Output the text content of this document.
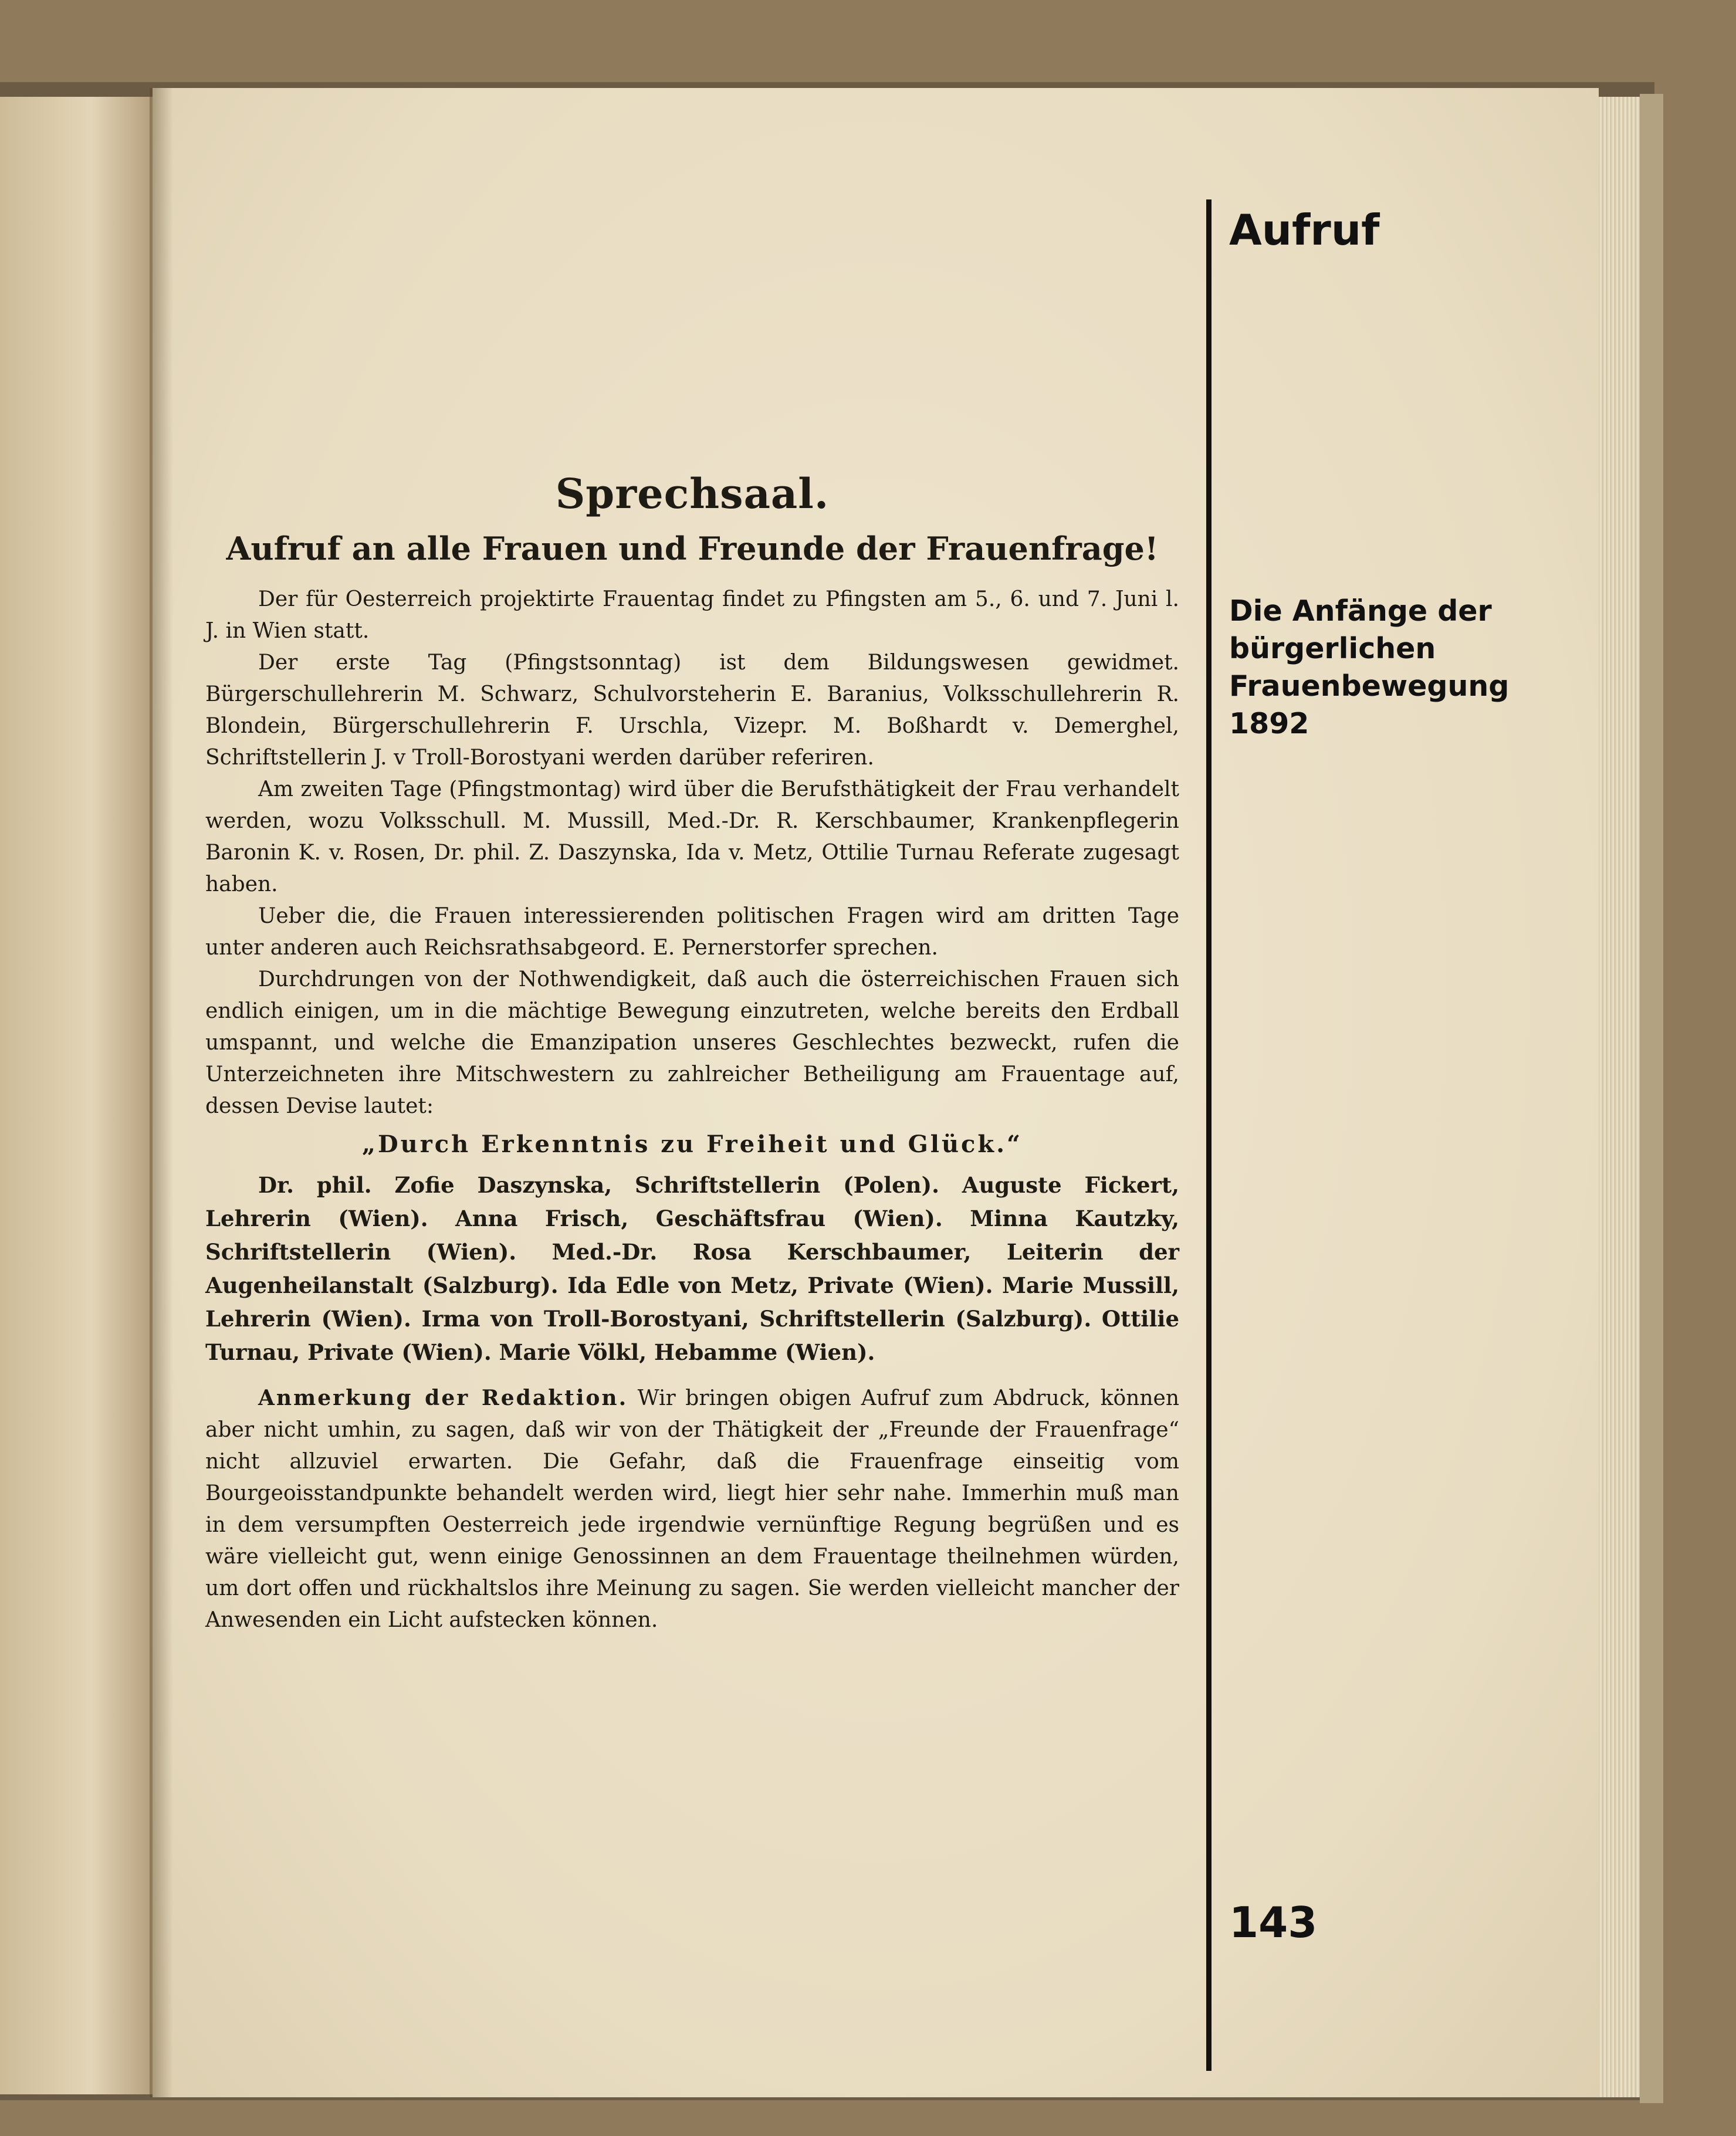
Sprechsaal.
Aufruf an alle Frauen und Freunde der Frauenfrage!

Der für Oesterreich projektirte Frauentag findet zu Pfingsten am 5., 6. und 7. Juni l. J. in Wien statt.

Der erste Tag (Pfingstsonntag) ist dem Bildungswesen gewidmet. Bürgerschullehrerin M. Schwarz, Schulvorsteherin E. Baranius, Volksschullehrerin R. Blondein, Bürgerschullehrerin F. Urschla, Vizepr. M. Boßhardt v. Demerghel, Schriftstellerin J. v Troll-Borostyani werden darüber referiren.

Am zweiten Tage (Pfingstmontag) wird über die Berufsthätigkeit der Frau verhandelt werden, wozu Volksschull. M. Mussill, Med.-Dr. R. Kerschbaumer, Krankenpflegerin Baronin K. v. Rosen, Dr. phil. Z. Daszynska, Ida v. Metz, Ottilie Turnau Referate zugesagt haben.

Ueber die, die Frauen interessierenden politischen Fragen wird am dritten Tage unter anderen auch Reichsrathsabgeord. E. Pernerstorfer sprechen.

Durchdrungen von der Nothwendigkeit, daß auch die österreichischen Frauen sich endlich einigen, um in die mächtige Bewegung einzutreten, welche bereits den Erdball umspannt, und welche die Emanzipation unseres Geschlechtes bezweckt, rufen die Unterzeichneten ihre Mitschwestern zu zahlreicher Betheiligung am Frauentage auf, dessen Devise lautet:

„Durch Erkenntnis zu Freiheit und Glück.“

Dr. phil. Zofie Daszynska, Schriftstellerin (Polen). Auguste Fickert, Lehrerin (Wien). Anna Frisch, Geschäftsfrau (Wien). Minna Kautzky, Schriftstellerin (Wien). Med.-Dr. Rosa Kerschbaumer, Leiterin der Augenheilanstalt (Salzburg). Ida Edle von Metz, Private (Wien). Marie Mussill, Lehrerin (Wien). Irma von Troll-Borostyani, Schriftstellerin (Salzburg). Ottilie Turnau, Private (Wien). Marie Völkl, Hebamme (Wien).

Anmerkung der Redaktion. Wir bringen obigen Aufruf zum Abdruck, können aber nicht umhin, zu sagen, daß wir von der Thätigkeit der „Freunde der Frauenfrage“ nicht allzuviel erwarten. Die Gefahr, daß die Frauenfrage einseitig vom Bourgeoisstandpunkte behandelt werden wird, liegt hier sehr nahe. Immerhin muß man in dem versumpften Oesterreich jede irgendwie vernünftige Regung begrüßen und es wäre vielleicht gut, wenn einige Genossinnen an dem Frauentage theilnehmen würden, um dort offen und rückhaltslos ihre Meinung zu sagen. Sie werden vielleicht mancher der Anwesenden ein Licht aufstecken können.

Aufruf
Die Anfänge der
bürgerlichen
Frauenbewegung
1892
143
